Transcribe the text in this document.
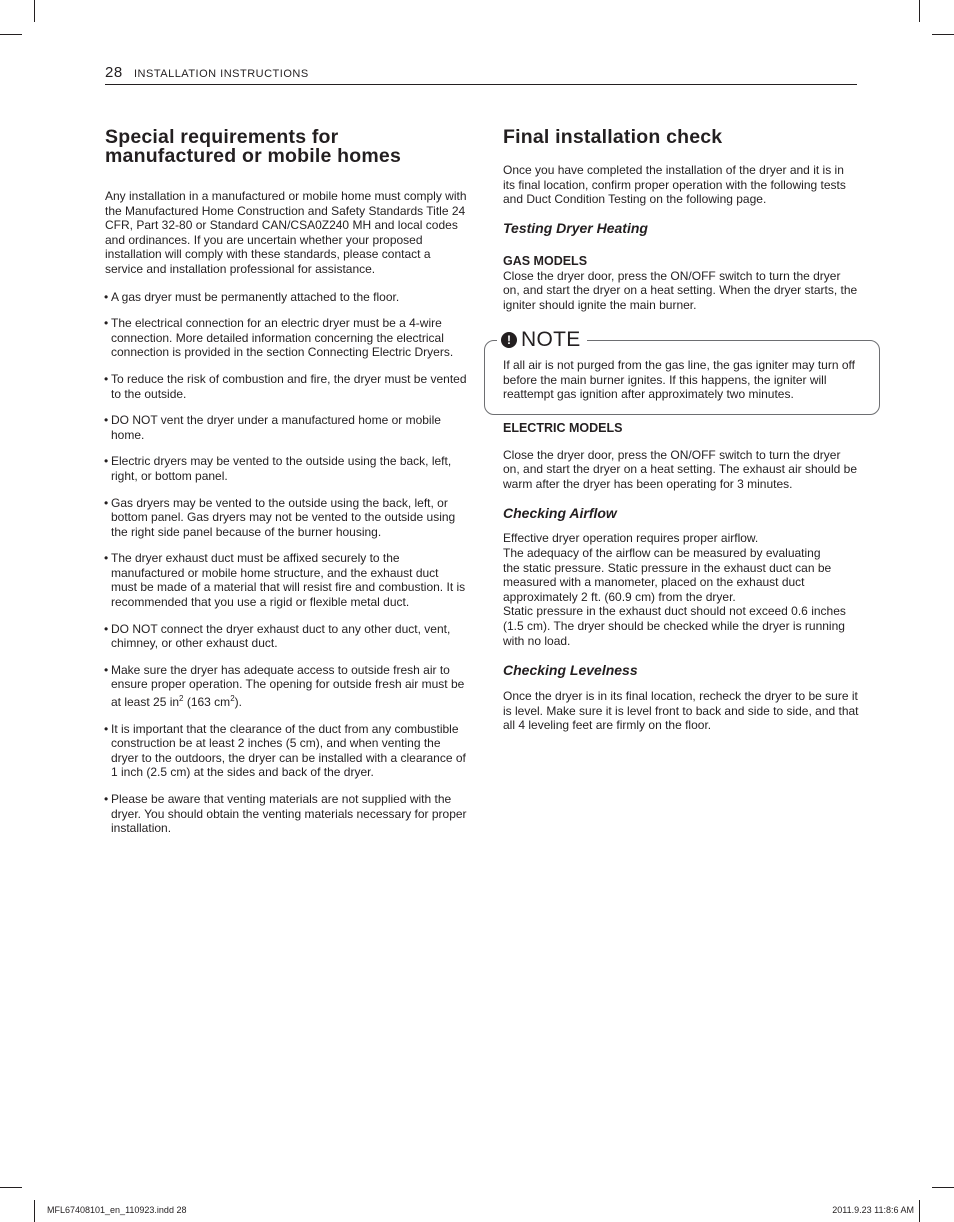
28 INSTALLATION INSTRUCTIONS
Special requirements for
manufactured or mobile homes

Any installation in a manufactured or mobile home must comply with the Manufactured Home Construction and Safety Standards Title 24 CFR, Part 32-80 or Standard CAN/CSA0Z240 MH and local codes and ordinances. If you are uncertain whether your proposed installation will comply with these standards, please contact a service and installation professional for assistance.

• A gas dryer must be permanently attached to the floor.
• The electrical connection for an electric dryer must be a 4-wire connection. More detailed information concerning the electrical connection is provided in the section Connecting Electric Dryers.
• To reduce the risk of combustion and fire, the dryer must be vented to the outside.
• DO NOT vent the dryer under a manufactured home or mobile home.
• Electric dryers may be vented to the outside using the back, left, right, or bottom panel.
• Gas dryers may be vented to the outside using the back, left, or bottom panel. Gas dryers may not be vented to the outside using the right side panel because of the burner housing.
• The dryer exhaust duct must be affixed securely to the manufactured or mobile home structure, and the exhaust duct must be made of a material that will resist fire and combustion. It is recommended that you use a rigid or flexible metal duct.
• DO NOT connect the dryer exhaust duct to any other duct, vent, chimney, or other exhaust duct.
• Make sure the dryer has adequate access to outside fresh air to ensure proper operation. The opening for outside fresh air must be at least 25 $in^2$ (163 $cm^2$).
• It is important that the clearance of the duct from any combustible construction be at least 2 inches (5 cm), and when venting the dryer to the outdoors, the dryer can be installed with a clearance of 1 inch (2.5 cm) at the sides and back of the dryer.
• Please be aware that venting materials are not supplied with the dryer. You should obtain the venting materials necessary for proper installation.
Final installation check

Once you have completed the installation of the dryer and it is in its final location, confirm proper operation with the following tests and Duct Condition Testing on the following page.

Testing Dryer Heating

GAS MODELS

Close the dryer door, press the ON/OFF switch to turn the dryer on, and start the dryer on a heat setting. When the dryer starts, the igniter should ignite the main burner.

ELECTRIC MODELS

Close the dryer door, press the ON/OFF switch to turn the dryer on, and start the dryer on a heat setting. The exhaust air should be warm after the dryer has been operating for 3 minutes.

Checking Airflow

Effective dryer operation requires proper airflow.

The adequacy of the airflow can be measured by evaluating the static pressure. Static pressure in the exhaust duct can be measured with a manometer, placed on the exhaust duct approximately 2 ft. (60.9 cm) from the dryer.

Static pressure in the exhaust duct should not exceed 0.6 inches (1.5 cm). The dryer should be checked while the dryer is running with no load.

Checking Levelness

Once the dryer is in its final location, recheck the dryer to be sure it is level. Make sure it is level front to back and side to side, and that all 4 leveling feet are firmly on the floor.

! NOTE

If all air is not purged from the gas line, the gas igniter may turn off before the main burner ignites. If this happens, the igniter will reattempt gas ignition after approximately two minutes.

MFL67408101_en_110923.indd 28	2011.9.23 11:8:6 AM
